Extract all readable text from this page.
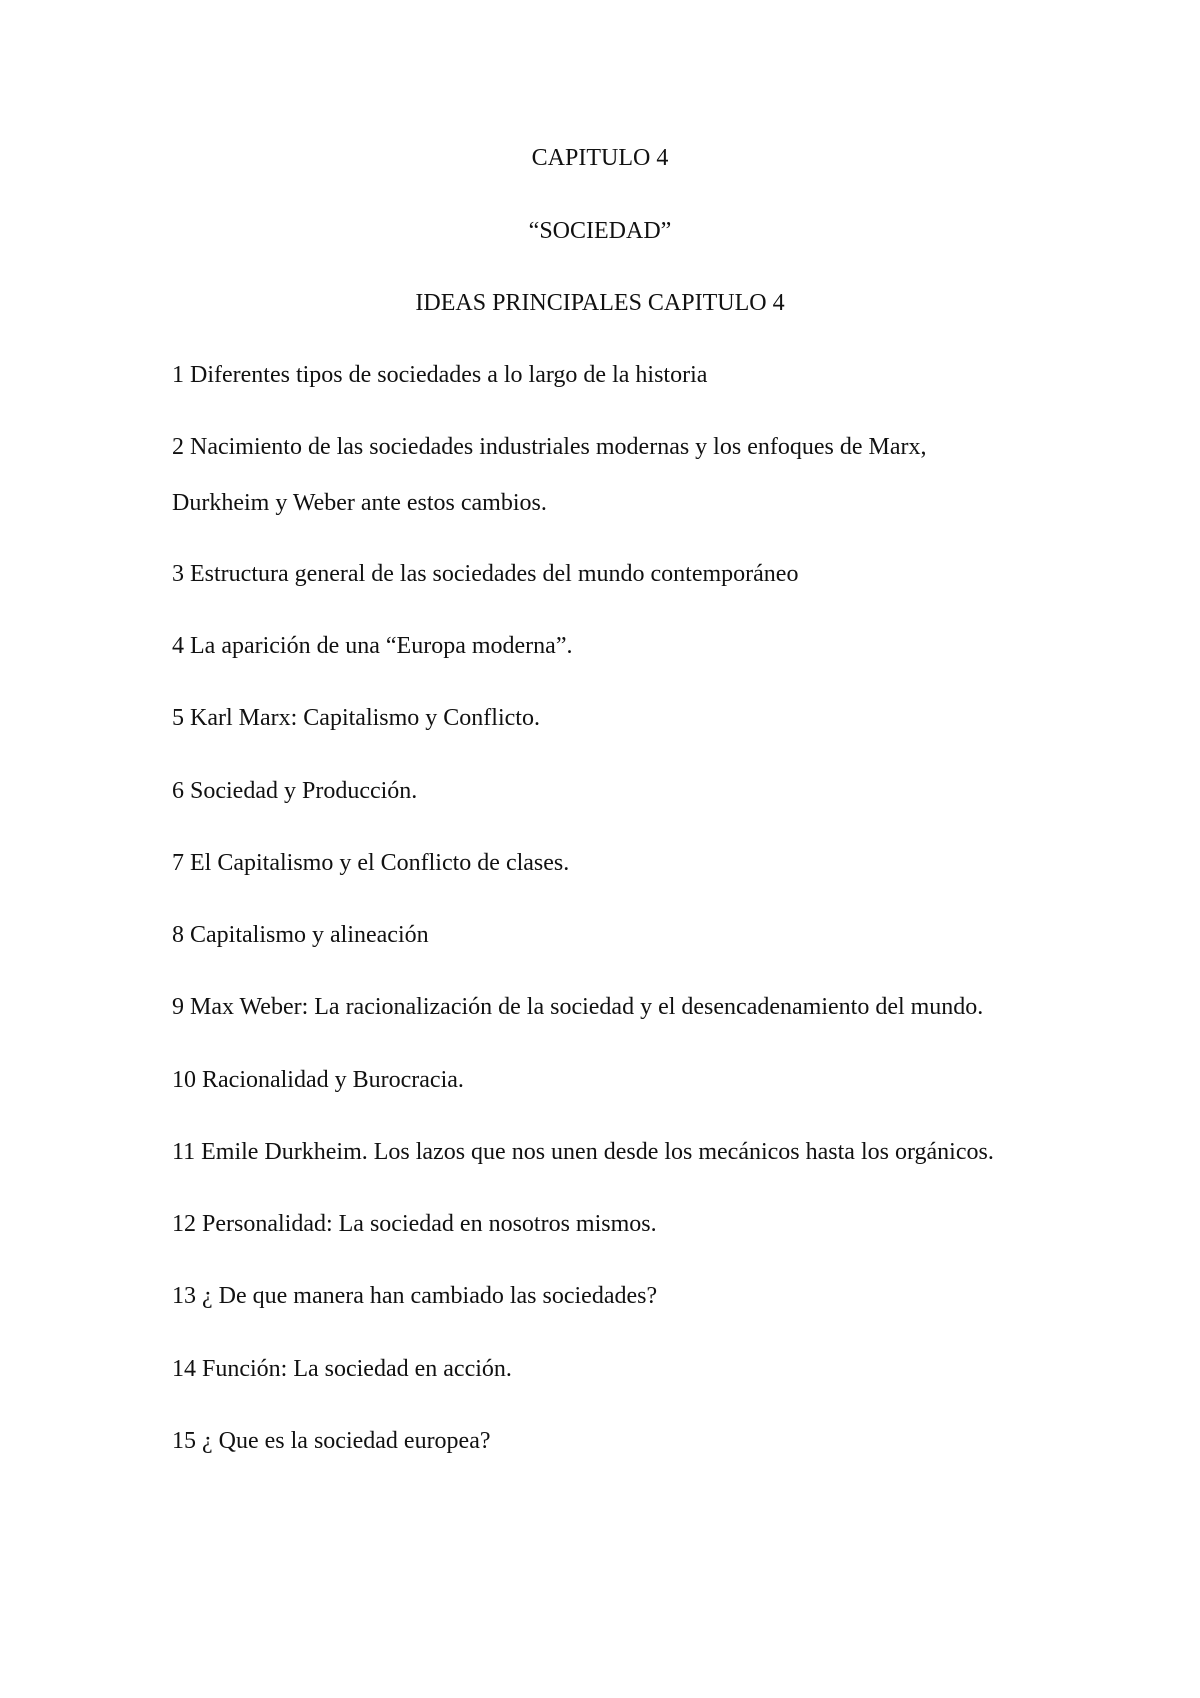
CAPITULO 4
“SOCIEDAD”
IDEAS PRINCIPALES CAPITULO 4
1 Diferentes tipos de sociedades a lo largo de la historia
2 Nacimiento de las sociedades industriales modernas y los enfoques de Marx,
Durkheim y Weber ante estos cambios.
3 Estructura general de las sociedades del mundo contemporáneo
4 La aparición de una “Europa moderna”.
5 Karl Marx: Capitalismo y Conflicto.
6 Sociedad y Producción.
7 El Capitalismo y el Conflicto de clases.
8 Capitalismo y alineación
9 Max Weber: La racionalización de la sociedad y el desencadenamiento del mundo.
10 Racionalidad y Burocracia.
11 Emile Durkheim. Los lazos que nos unen desde los mecánicos hasta los orgánicos.
12 Personalidad: La sociedad en nosotros mismos.
13 ¿ De que manera han cambiado las sociedades?
14 Función: La sociedad en acción.
15 ¿ Que es la sociedad europea?
